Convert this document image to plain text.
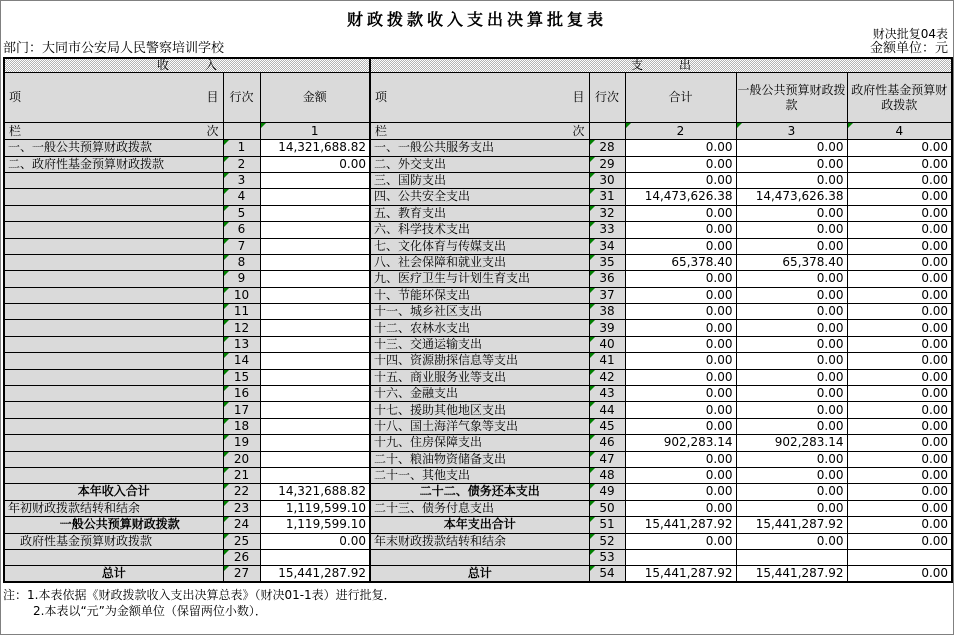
财政拨款收入支出决算批复表
财决批复04表
部门：大同市公安局人民警察培训学校	金额单位：元
收　　　入			支　　　出				

项 目	行次	金额	项 目	行次	合计	一般公共预算财政拨款	政府性基金预算财政拨款

栏 次		1	栏 次		2	3	4
一、一般公共预算财政拨款	1	14,321,688.82	一、一般公共服务支出	28	0.00	0.00	0.00
二、政府性基金预算财政拨款	2	0.00	二、外交支出	29	0.00	0.00	0.00
	3		三、国防支出	30	0.00	0.00	0.00
	4		四、公共安全支出	31	14,473,626.38	14,473,626.38	0.00
	5		五、教育支出	32	0.00	0.00	0.00
	6		六、科学技术支出	33	0.00	0.00	0.00
	7		七、文化体育与传媒支出	34	0.00	0.00	0.00
	8		八、社会保障和就业支出	35	65,378.40	65,378.40	0.00
	9		九、医疗卫生与计划生育支出	36	0.00	0.00	0.00
	10		十、节能环保支出	37	0.00	0.00	0.00
	11		十一、城乡社区支出	38	0.00	0.00	0.00
	12		十二、农林水支出	39	0.00	0.00	0.00
	13		十三、交通运输支出	40	0.00	0.00	0.00
	14		十四、资源勘探信息等支出	41	0.00	0.00	0.00
	15		十五、商业服务业等支出	42	0.00	0.00	0.00
	16		十六、金融支出	43	0.00	0.00	0.00
	17		十七、援助其他地区支出	44	0.00	0.00	0.00
	18		十八、国土海洋气象等支出	45	0.00	0.00	0.00
	19		十九、住房保障支出	46	902,283.14	902,283.14	0.00
	20		二十、粮油物资储备支出	47	0.00	0.00	0.00
	21		二十一、其他支出	48	0.00	0.00	0.00
本年收入合计	22	14,321,688.82	二十二、债务还本支出	49	0.00	0.00	0.00
年初财政拨款结转和结余	23	1,119,599.10	二十三、债务付息支出	50	0.00	0.00	0.00
　一般公共预算财政拨款	24	1,119,599.10	本年支出合计	51	15,441,287.92	15,441,287.92	0.00
　政府性基金预算财政拨款	25	0.00	年末财政拨款结转和结余	52	0.00	0.00	0.00
	26			53			
总计	27	15,441,287.92	总计	54	15,441,287.92	15,441,287.92	0.00
注：1.本表依据《财政拨款收入支出决算总表》（财决01-1表）进行批复．
2.本表以“元”为金额单位（保留两位小数）．
